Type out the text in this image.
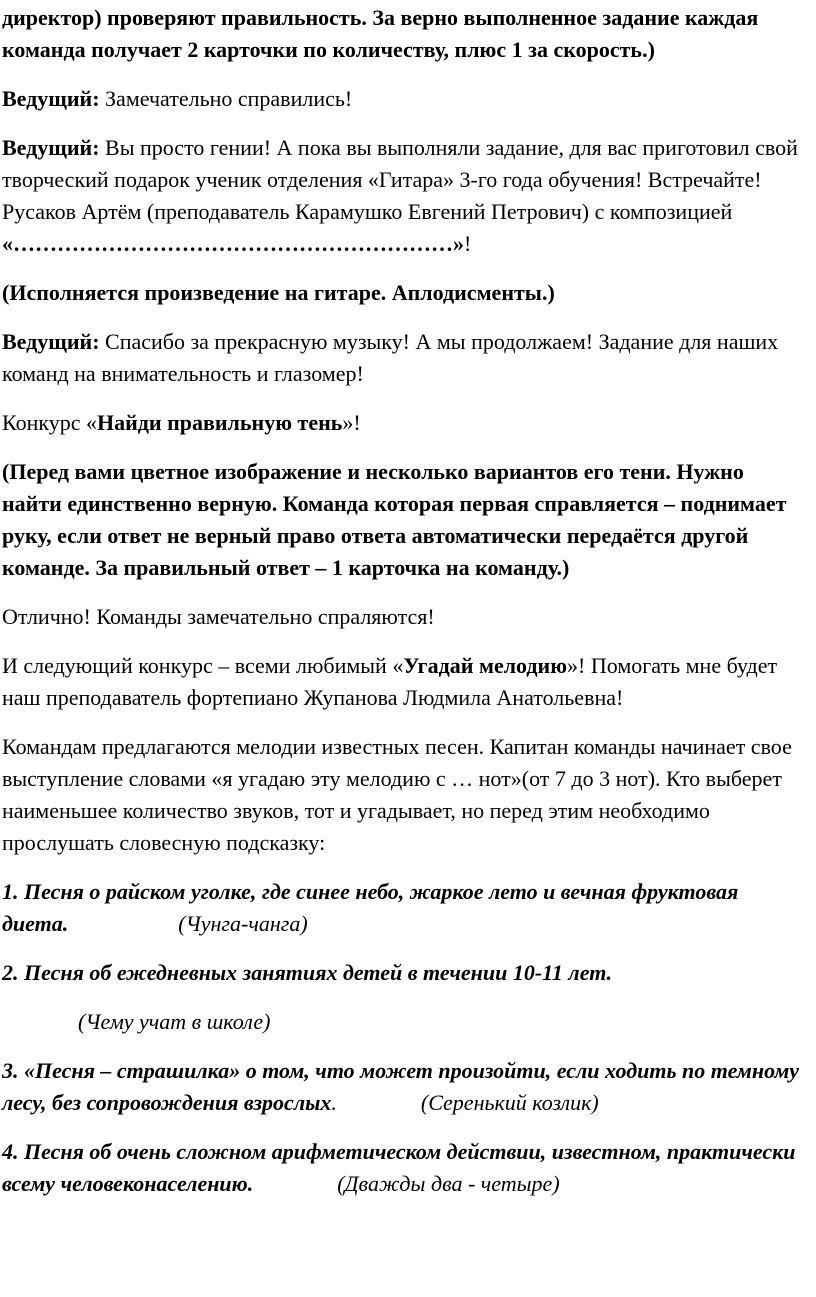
директор) проверяют правильность. За верно выполненное задание каждая команда получает 2 карточки по количеству, плюс 1 за скорость.)

Ведущий: Замечательно справились!

Ведущий: Вы просто гении! А пока вы выполняли задание, для вас приготовил свой творческий подарок ученик отделения «Гитара» 3-го года обучения! Встречайте! Русаков Артём (преподаватель Карамушко Евгений Петрович) с композицией «……………………………………………………»!

(Исполняется произведение на гитаре. Аплодисменты.)

Ведущий: Спасибо за прекрасную музыку! А мы продолжаем! Задание для наших команд на внимательность и глазомер!

Конкурс «Найди правильную тень»!

(Перед вами цветное изображение и несколько вариантов его тени. Нужно найти единственно верную. Команда которая первая справляется – поднимает руку, если ответ не верный право ответа автоматически передаётся другой команде. За правильный ответ – 1 карточка на команду.)

Отлично! Команды замечательно спраляются!

И следующий конкурс – всеми любимый «Угадай мелодию»! Помогать мне будет наш преподаватель фортепиано Жупанова Людмила Анатольевна!

Командам предлагаются мелодии известных песен. Капитан команды начинает свое выступление словами «я угадаю эту мелодию с … нот»(от 7 до 3 нот). Кто выберет наименьшее количество звуков, тот и угадывает, но перед этим необходимо прослушать словесную подсказку:

1. Песня о райском уголке, где синее небо, жаркое лето и вечная фруктовая диета.	(Чунга-чанга)

2. Песня об ежедневных занятиях детей в течении 10-11 лет.

(Чему учат в школе)

3. «Песня – страшилка» о том, что может произойти, если ходить по темному лесу, без сопровождения взрослых.	(Серенький козлик)

4. Песня об очень сложном арифметическом действии, известном, практически всему человеконаселению.	(Дважды два - четыре)
